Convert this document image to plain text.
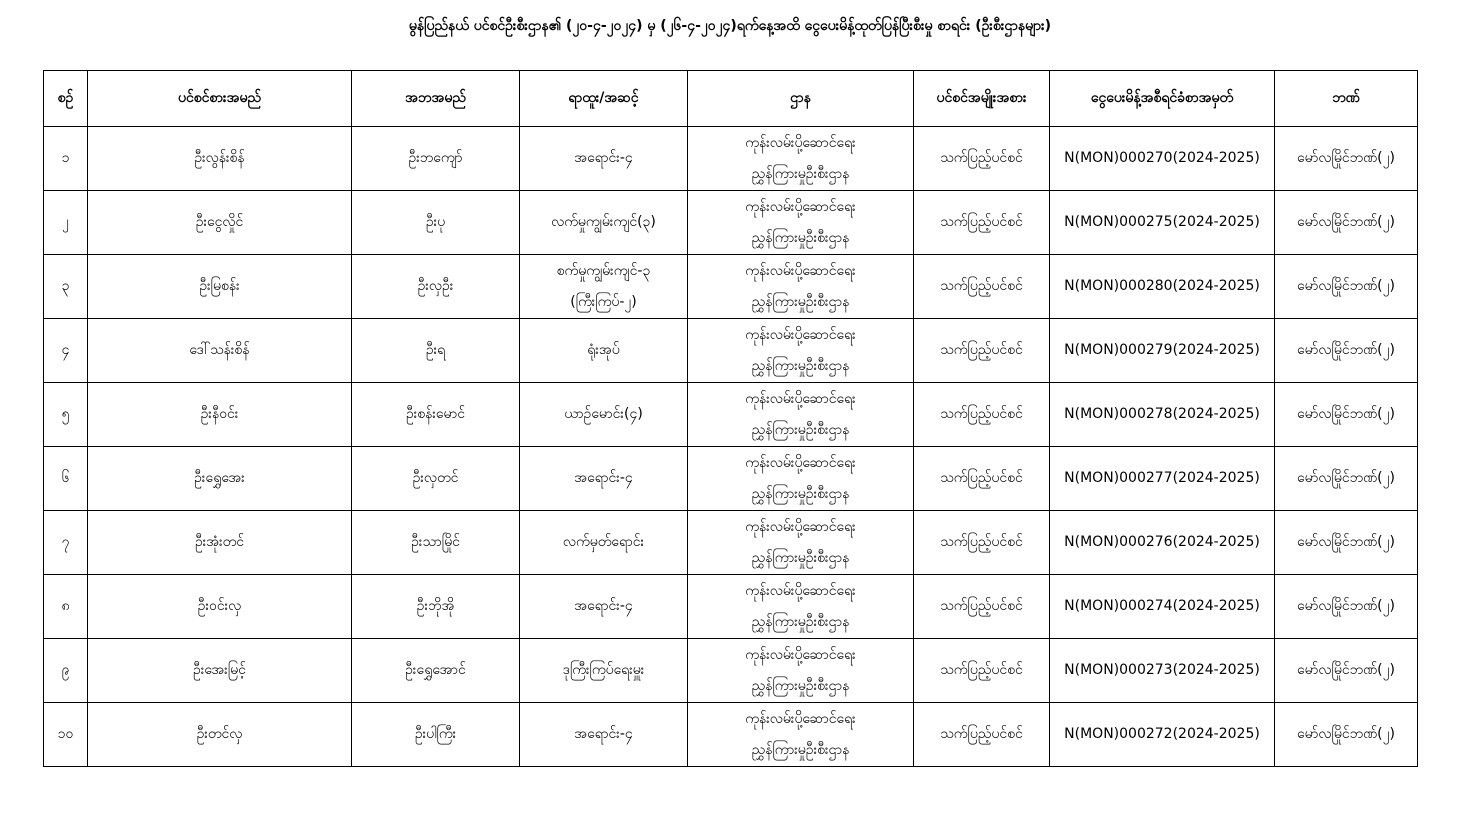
မွန်ပြည်နယ် ပင်စင်ဦးစီးဌာန၏ (၂၀-၄-၂၀၂၄) မှ (၂၆-၄-၂၀၂၄)ရက်နေ့အထိ ငွေပေးမိန့်ထုတ်ပြန်ပြီးစီးမှု စာရင်း (ဦးစီးဌာနများ)
စဉ်	ပင်စင်စားအမည်	အဘအမည်	ရာထူး/အဆင့်	ဌာန	ပင်စင်အမျိုးအစား	ငွေပေးမိန့်အစီရင်ခံစာအမှတ်	ဘဏ်
၁	ဦးလွန်းစိန်	ဦးဘကျော်	အရောင်း-၄	ကုန်းလမ်းပို့ဆောင်ရေး
ညွှန်ကြားမှုဦးစီးဌာန	သက်ပြည့်ပင်စင်	N(MON)000270(2024-2025)	မော်လမြိုင်ဘဏ်(၂)
၂	ဦးငွေလှိုင်	ဦးပု	လက်မှုကျွမ်းကျင်(၃)	ကုန်းလမ်းပို့ဆောင်ရေး
ညွှန်ကြားမှုဦးစီးဌာန	သက်ပြည့်ပင်စင်	N(MON)000275(2024-2025)	မော်လမြိုင်ဘဏ်(၂)
၃	ဦးမြစန်း	ဦးလှဦး	စက်မှုကျွမ်းကျင်-၃
(ကြီးကြပ်-၂)	ကုန်းလမ်းပို့ဆောင်ရေး
ညွှန်ကြားမှုဦးစီးဌာန	သက်ပြည့်ပင်စင်	N(MON)000280(2024-2025)	မော်လမြိုင်ဘဏ်(၂)
၄	ဒေါ်သန်းစိန်	ဦးရ	ရုံးအုပ်	ကုန်းလမ်းပို့ဆောင်ရေး
ညွှန်ကြားမှုဦးစီးဌာန	သက်ပြည့်ပင်စင်	N(MON)000279(2024-2025)	မော်လမြိုင်ဘဏ်(၂)
၅	ဦးနီဝင်း	ဦးစန်းမောင်	ယာဉ်မောင်း(၄)	ကုန်းလမ်းပို့ဆောင်ရေး
ညွှန်ကြားမှုဦးစီးဌာန	သက်ပြည့်ပင်စင်	N(MON)000278(2024-2025)	မော်လမြိုင်ဘဏ်(၂)
၆	ဦးရွှေအေး	ဦးလှတင်	အရောင်း-၄	ကုန်းလမ်းပို့ဆောင်ရေး
ညွှန်ကြားမှုဦးစီးဌာန	သက်ပြည့်ပင်စင်	N(MON)000277(2024-2025)	မော်လမြိုင်ဘဏ်(၂)
၇	ဦးအုံးတင်	ဦးသာမြိုင်	လက်မှတ်ရောင်း	ကုန်းလမ်းပို့ဆောင်ရေး
ညွှန်ကြားမှုဦးစီးဌာန	သက်ပြည့်ပင်စင်	N(MON)000276(2024-2025)	မော်လမြိုင်ဘဏ်(၂)
၈	ဦးဝင်းလှ	ဦးဘိုအို	အရောင်း-၄	ကုန်းလမ်းပို့ဆောင်ရေး
ညွှန်ကြားမှုဦးစီးဌာန	သက်ပြည့်ပင်စင်	N(MON)000274(2024-2025)	မော်လမြိုင်ဘဏ်(၂)
၉	ဦးအေးမြင့်	ဦးရွှေအောင်	ဒုကြီးကြပ်ရေးမှူး	ကုန်းလမ်းပို့ဆောင်ရေး
ညွှန်ကြားမှုဦးစီးဌာန	သက်ပြည့်ပင်စင်	N(MON)000273(2024-2025)	မော်လမြိုင်ဘဏ်(၂)
၁၀	ဦးတင်လှ	ဦးပါကြီး	အရောင်း-၄	ကုန်းလမ်းပို့ဆောင်ရေး
ညွှန်ကြားမှုဦးစီးဌာန	သက်ပြည့်ပင်စင်	N(MON)000272(2024-2025)	မော်လမြိုင်ဘဏ်(၂)
